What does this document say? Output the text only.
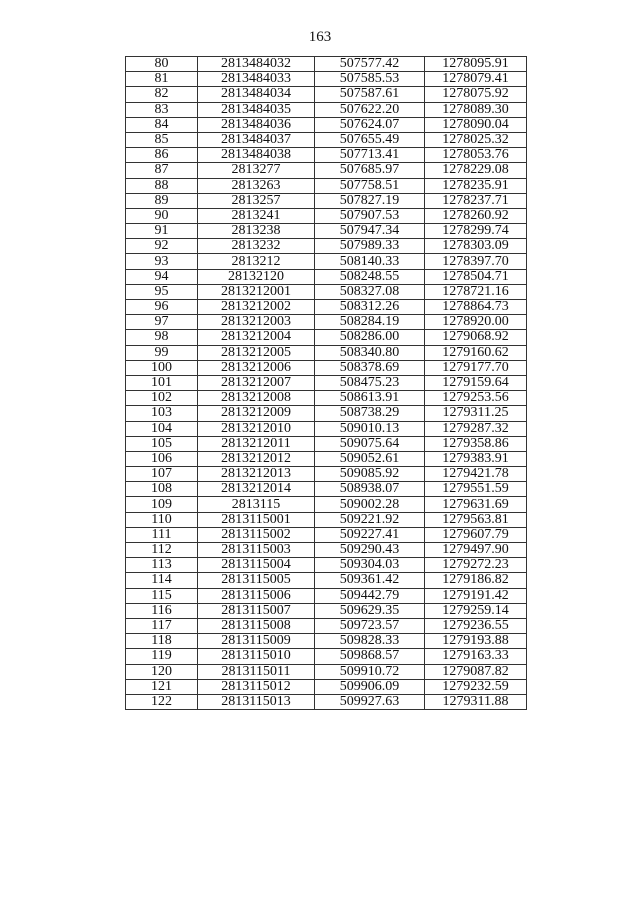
163
80	2813484032	507577.42	1278095.91
81	2813484033	507585.53	1278079.41
82	2813484034	507587.61	1278075.92
83	2813484035	507622.20	1278089.30
84	2813484036	507624.07	1278090.04
85	2813484037	507655.49	1278025.32
86	2813484038	507713.41	1278053.76
87	2813277	507685.97	1278229.08
88	2813263	507758.51	1278235.91
89	2813257	507827.19	1278237.71
90	2813241	507907.53	1278260.92
91	2813238	507947.34	1278299.74
92	2813232	507989.33	1278303.09
93	2813212	508140.33	1278397.70
94	28132120	508248.55	1278504.71
95	2813212001	508327.08	1278721.16
96	2813212002	508312.26	1278864.73
97	2813212003	508284.19	1278920.00
98	2813212004	508286.00	1279068.92
99	2813212005	508340.80	1279160.62
100	2813212006	508378.69	1279177.70
101	2813212007	508475.23	1279159.64
102	2813212008	508613.91	1279253.56
103	2813212009	508738.29	1279311.25
104	2813212010	509010.13	1279287.32
105	2813212011	509075.64	1279358.86
106	2813212012	509052.61	1279383.91
107	2813212013	509085.92	1279421.78
108	2813212014	508938.07	1279551.59
109	2813115	509002.28	1279631.69
110	2813115001	509221.92	1279563.81
111	2813115002	509227.41	1279607.79
112	2813115003	509290.43	1279497.90
113	2813115004	509304.03	1279272.23
114	2813115005	509361.42	1279186.82
115	2813115006	509442.79	1279191.42
116	2813115007	509629.35	1279259.14
117	2813115008	509723.57	1279236.55
118	2813115009	509828.33	1279193.88
119	2813115010	509868.57	1279163.33
120	2813115011	509910.72	1279087.82
121	2813115012	509906.09	1279232.59
122	2813115013	509927.63	1279311.88
